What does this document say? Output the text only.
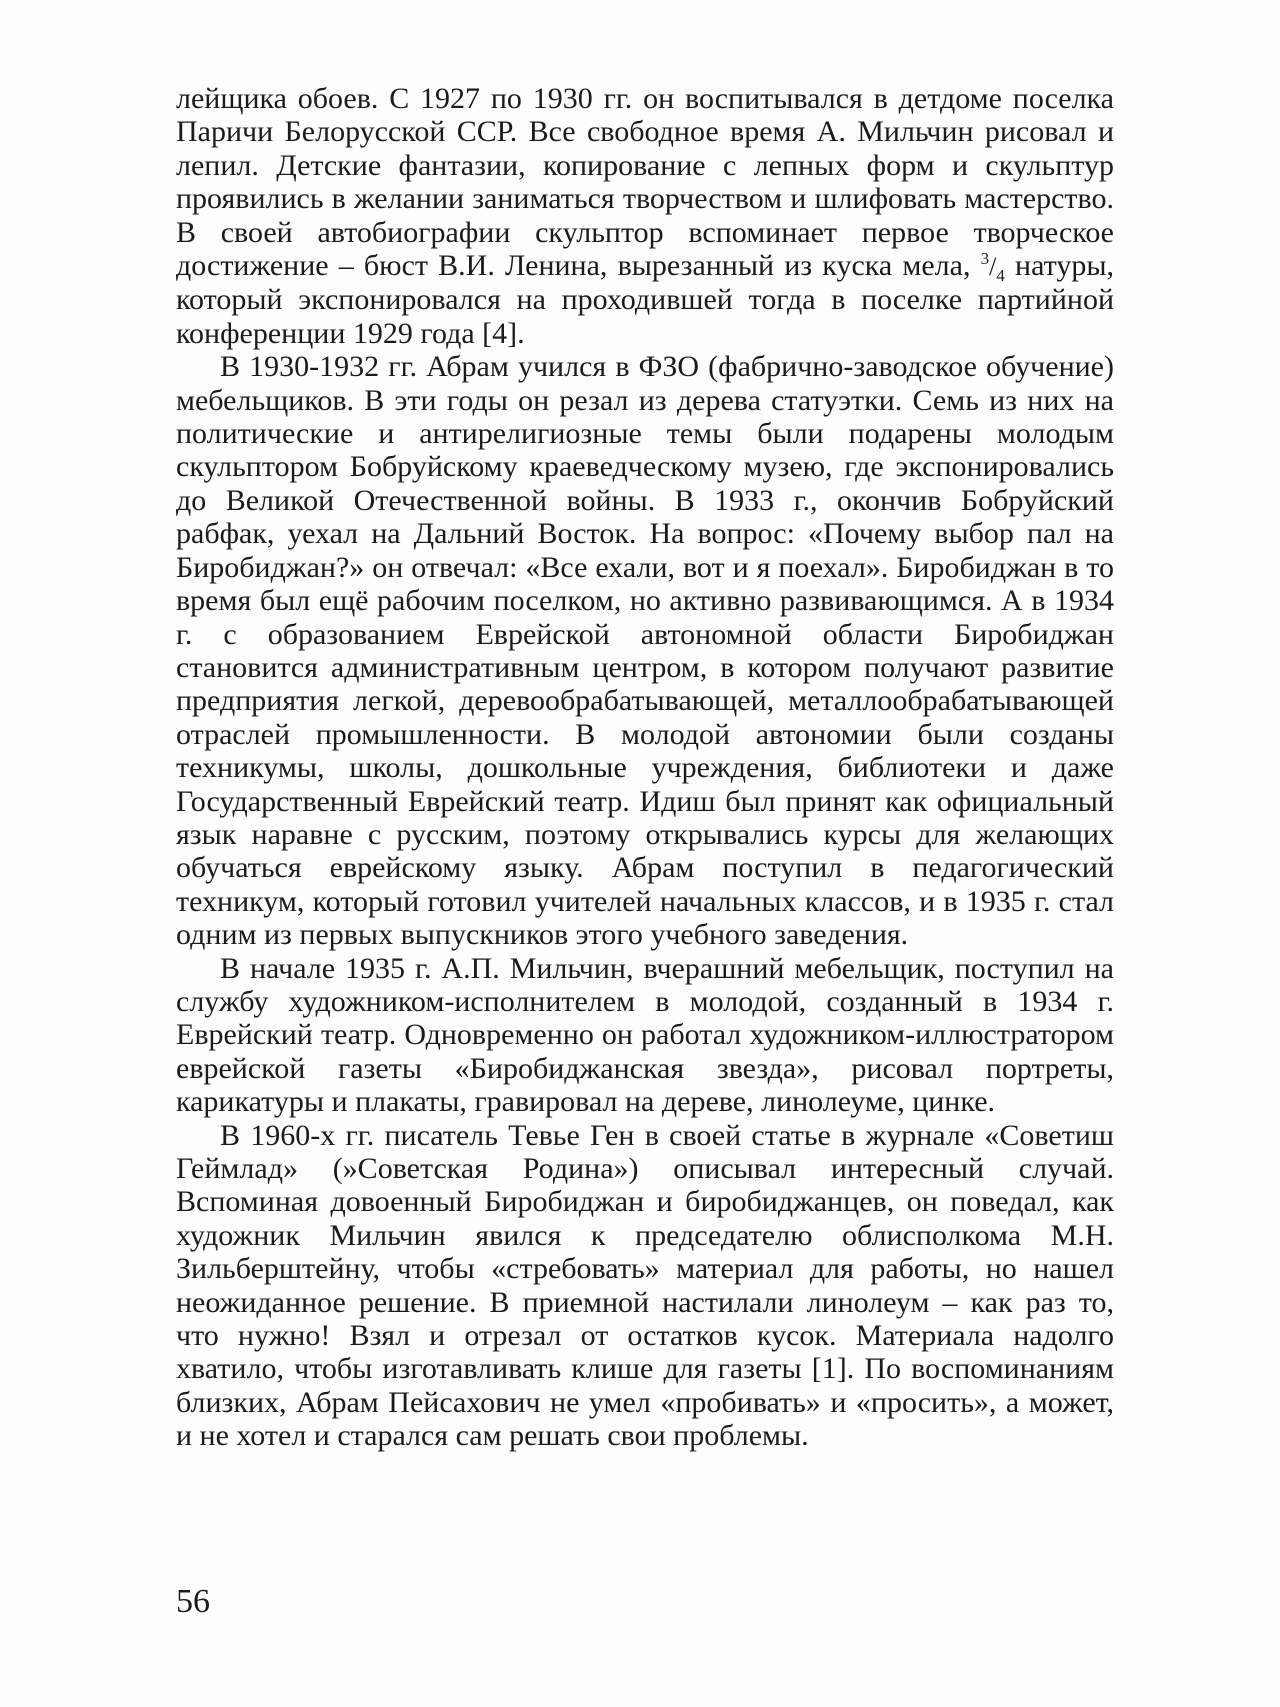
лейщика обоев. С 1927 по 1930 гг. он воспитывался в детдоме поселка Паричи Белорусской ССР. Все свободное время А. Мильчин рисовал и лепил. Детские фантазии, копирование с лепных форм и скульптур проявились в желании заниматься творчеством и шлифовать мастерство. В своей автобиографии скульптор вспоминает первое творческое достижение – бюст В.И. Ленина, вырезанный из куска мела, $^3/_4$ натуры, который экспонировался на проходившей тогда в поселке партийной конференции 1929 года [4].

В 1930-1932 гг. Абрам учился в ФЗО (фабрично-заводское обучение) мебельщиков. В эти годы он резал из дерева статуэтки. Семь из них на политические и антирелигиозные темы были подарены молодым скульптором Бобруйскому краеведческому музею, где экспонировались до Великой Отечественной войны. В 1933 г., окончив Бобруйский рабфак, уехал на Дальний Восток. На вопрос: «Почему выбор пал на Биробиджан?» он отвечал: «Все ехали, вот и я поехал». Биробиджан в то время был ещё рабочим поселком, но активно развивающимся. А в 1934 г. с образованием Еврейской автономной области Биробиджан становится административным центром, в котором получают развитие предприятия легкой, деревообрабатывающей, металлообрабатывающей отраслей промышленности. В молодой автономии были созданы техникумы, школы, дошкольные учреждения, библиотеки и даже Государственный Еврейский театр. Идиш был принят как официальный язык наравне с русским, поэтому открывались курсы для желающих обучаться еврейскому языку. Абрам поступил в педагогический техникум, который готовил учителей начальных классов, и в 1935 г. стал одним из первых выпускников этого учебного заведения.

В начале 1935 г. А.П. Мильчин, вчерашний мебельщик, поступил на службу художником-исполнителем в молодой, созданный в 1934 г. Еврейский театр. Одновременно он работал художником-иллюстратором еврейской газеты «Биробиджанская звезда», рисовал портреты, карикатуры и плакаты, гравировал на дереве, линолеуме, цинке.

В 1960-х гг. писатель Тевье Ген в своей статье в журнале «Советиш Геймлад» (»Советская Родина») описывал интересный случай. Вспоминая довоенный Биробиджан и биробиджанцев, он поведал, как художник Мильчин явился к председателю облисполкома М.Н. Зильберштейну, чтобы «стребовать» материал для работы, но нашел неожиданное решение. В приемной настилали линолеум – как раз то, что нужно! Взял и отрезал от остатков кусок. Материала надолго хватило, чтобы изготавливать клише для газеты [1]. По воспоминаниям близких, Абрам Пейсахович не умел «пробивать» и «просить», а может, и не хотел и старался сам решать свои проблемы.

56
